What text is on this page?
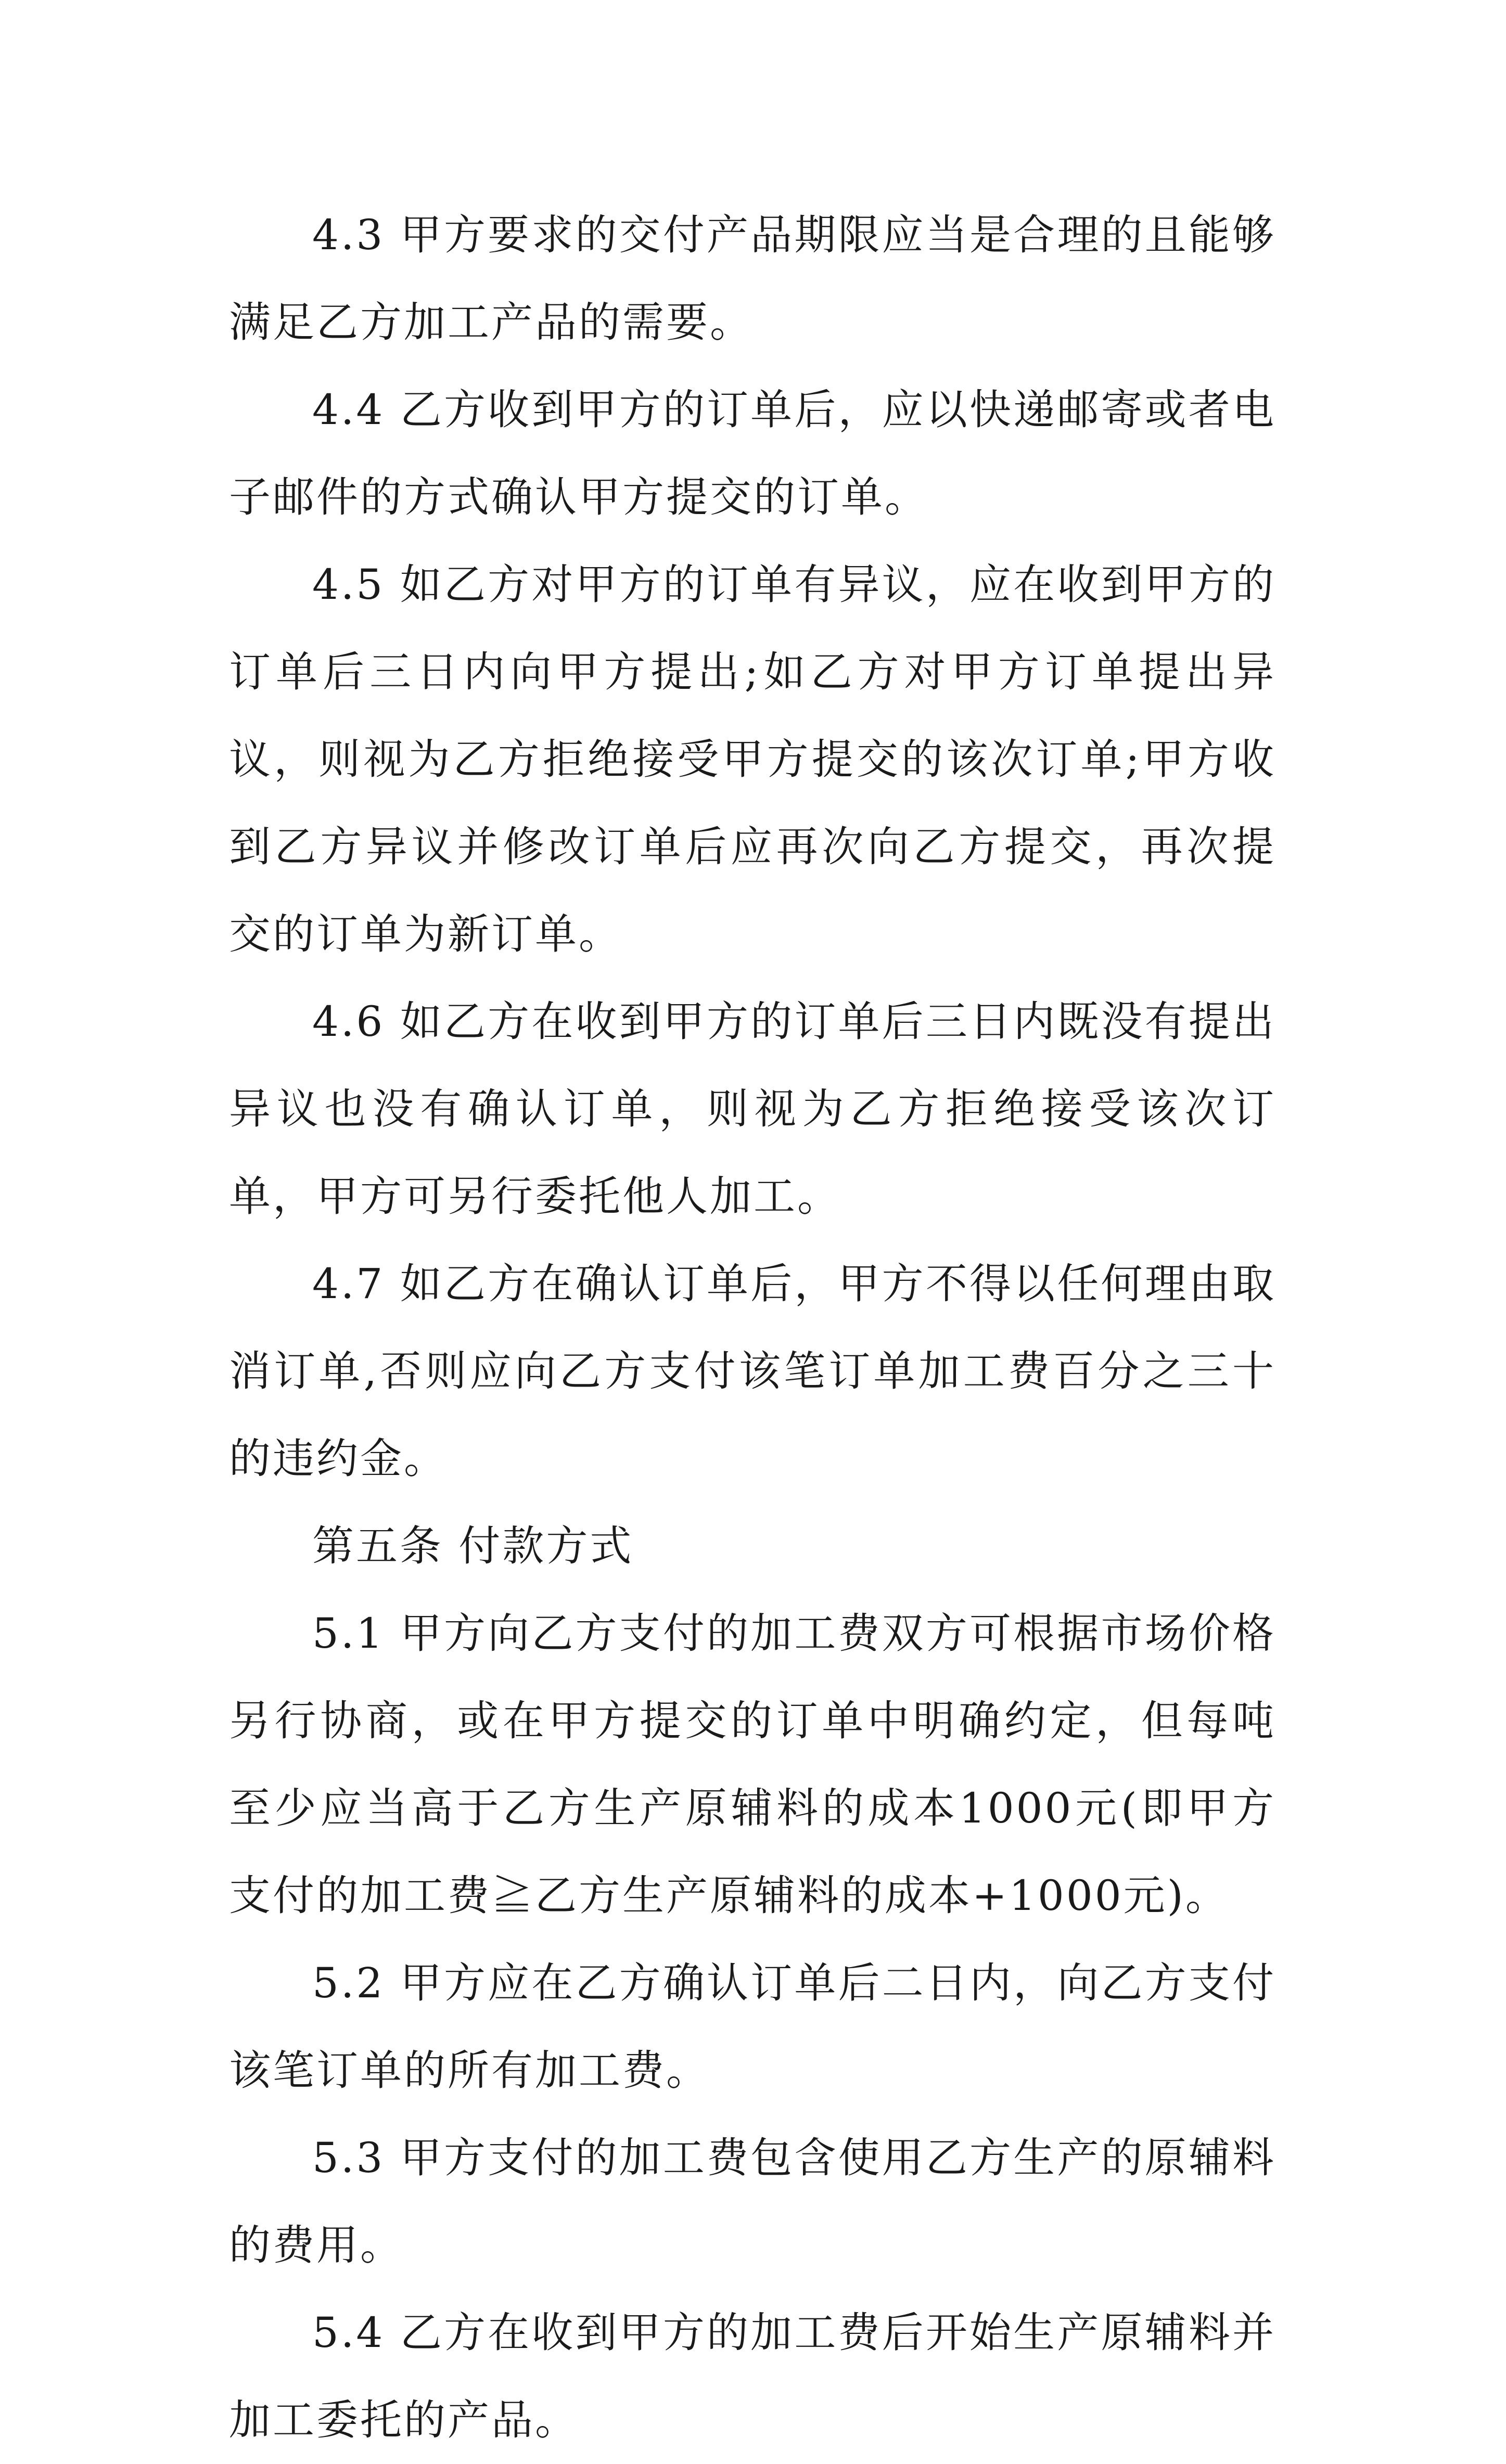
4.3 甲方要求的交付产品期限应当是合理的且能够满足乙方加工产品的需要。

4.4 乙方收到甲方的订单后，应以快递邮寄或者电子邮件的方式确认甲方提交的订单。

4.5 如乙方对甲方的订单有异议，应在收到甲方的订单后三日内向甲方提出;如乙方对甲方订单提出异议，则视为乙方拒绝接受甲方提交的该次订单;甲方收到乙方异议并修改订单后应再次向乙方提交，再次提交的订单为新订单。

4.6 如乙方在收到甲方的订单后三日内既没有提出异议也没有确认订单，则视为乙方拒绝接受该次订单，甲方可另行委托他人加工。

4.7 如乙方在确认订单后，甲方不得以任何理由取消订单,否则应向乙方支付该笔订单加工费百分之三十的违约金。

第五条 付款方式

5.1 甲方向乙方支付的加工费双方可根据市场价格另行协商，或在甲方提交的订单中明确约定，但每吨至少应当高于乙方生产原辅料的成本1000元(即甲方支付的加工费≧乙方生产原辅料的成本+1000元)。

5.2 甲方应在乙方确认订单后二日内，向乙方支付该笔订单的所有加工费。

5.3 甲方支付的加工费包含使用乙方生产的原辅料的费用。

5.4 乙方在收到甲方的加工费后开始生产原辅料并加工委托的产品。
